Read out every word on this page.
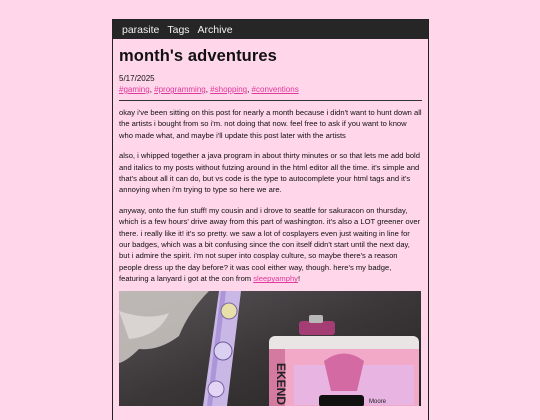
parasite Tags Archive
month's adventures
5/17/2025
#gaming, #programming, #shopping, #conventions

okay i've been sitting on this post for nearly a month because i didn't want to hunt down all the artists i bought from so i'm. not doing that now. feel free to ask if you want to know who made what, and maybe i'll update this post later with the artists

also, i whipped together a java program in about thirty minutes or so that lets me add bold and italics to my posts without futzing around in the html editor all the time. it's simple and that's about all it can do, but vs code is the type to autocomplete your html tags and it's annoying when i'm trying to type so here we are.

anyway, onto the fun stuff! my cousin and i drove to seattle for sakuracon on thursday, which is a few hours' drive away from this part of washington. it's also a LOT greener over there. i really like it! it's so pretty. we saw a lot of cosplayers even just waiting in line for our badges, which was a bit confusing since the con itself didn't start until the next day, but i admire the spirit. i'm not super into cosplay culture, so maybe there's a reason people dress up the day before? it was cool either way, though. here's my badge, featuring a lanyard i got at the con from sleepyamphy!

EKEND	Moore
